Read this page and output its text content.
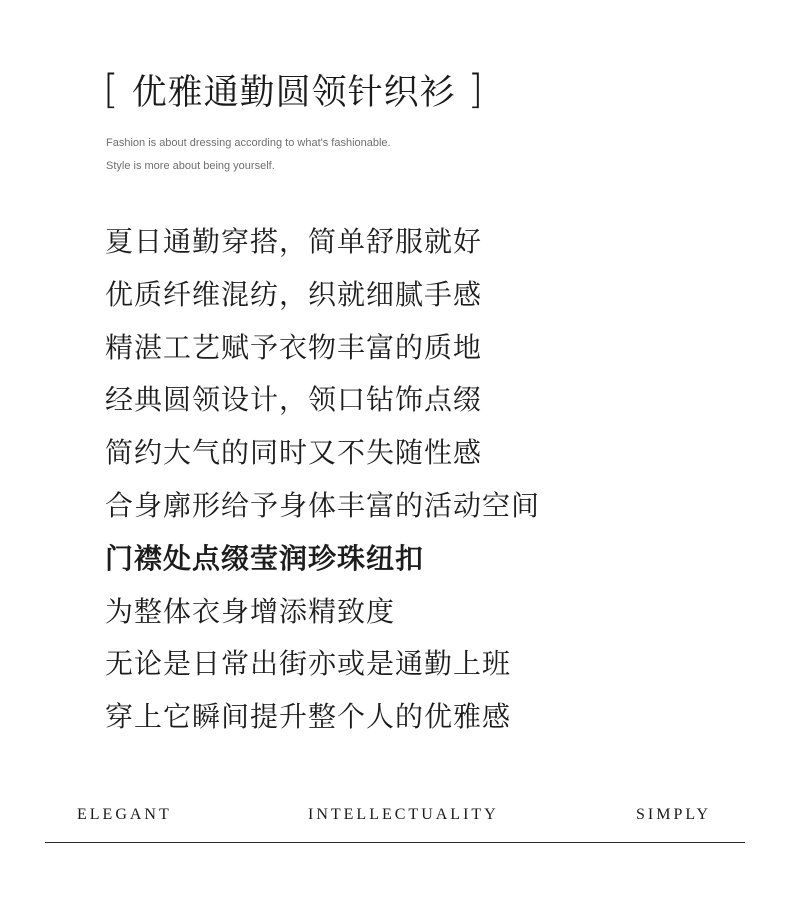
[ 优雅通勤圆领针织衫 ]
Fashion is about dressing according to what's fashionable.
Style is more about being yourself.
夏日通勤穿搭，简单舒服就好
优质纤维混纺，织就细腻手感
精湛工艺赋予衣物丰富的质地
经典圆领设计，领口钻饰点缀
简约大气的同时又不失随性感
合身廓形给予身体丰富的活动空间
门襟处点缀莹润珍珠纽扣
为整体衣身增添精致度
无论是日常出街亦或是通勤上班
穿上它瞬间提升整个人的优雅感
ELEGANT	INTELLECTUALITY	SIMPLY
